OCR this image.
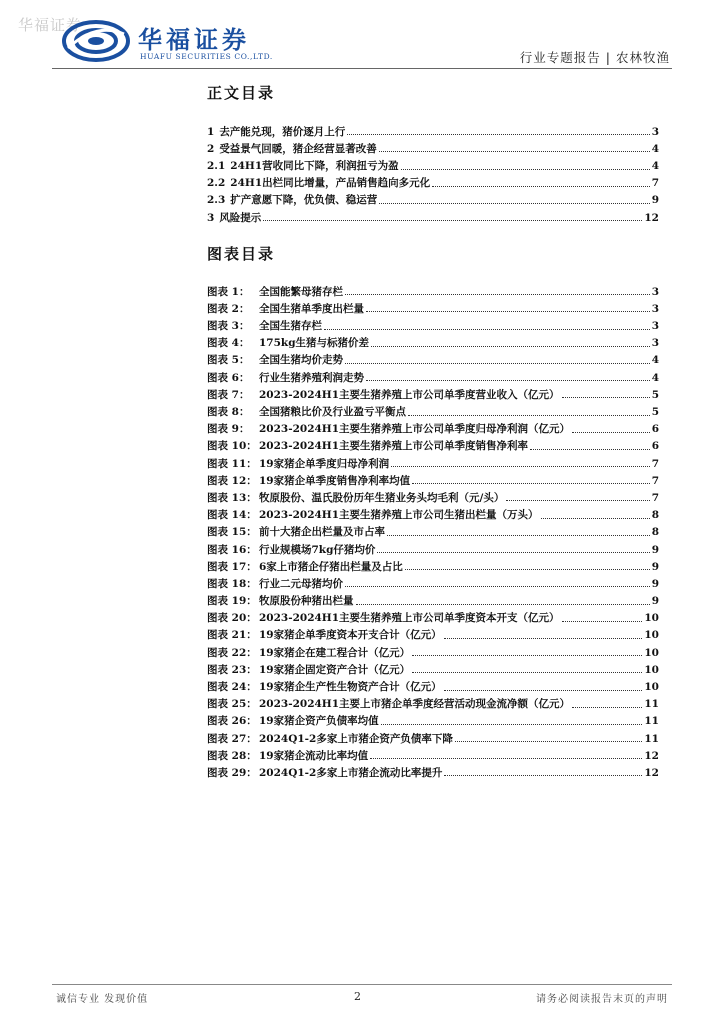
华福证券
华福证券
HUAFU SECURITIES CO.,LTD.	行业专题报告 | 农林牧渔
正文目录
1 去产能兑现，猪价逐月上行	3
2 受益景气回暖，猪企经营显著改善	4
2.1 24H1营收同比下降，利润扭亏为盈	4
2.2 24H1出栏同比增量，产品销售趋向多元化	7
2.3 扩产意愿下降，优负债、稳运营	9
3 风险提示	12
图表目录
图表 1： 全国能繁母猪存栏	3
图表 2： 全国生猪单季度出栏量	3
图表 3： 全国生猪存栏	3
图表 4： 175kg生猪与标猪价差	3
图表 5： 全国生猪均价走势	4
图表 6： 行业生猪养殖利润走势	4
图表 7： 2023-2024H1主要生猪养殖上市公司单季度营业收入（亿元）	5
图表 8： 全国猪粮比价及行业盈亏平衡点	5
图表 9： 2023-2024H1主要生猪养殖上市公司单季度归母净利润（亿元）	6
图表 10： 2023-2024H1主要生猪养殖上市公司单季度销售净利率	6
图表 11： 19家猪企单季度归母净利润	7
图表 12： 19家猪企单季度销售净利率均值	7
图表 13： 牧原股份、温氏股份历年生猪业务头均毛利（元/头）	7
图表 14： 2023-2024H1主要生猪养殖上市公司生猪出栏量（万头）	8
图表 15： 前十大猪企出栏量及市占率	8
图表 16： 行业规模场7kg仔猪均价	9
图表 17： 6家上市猪企仔猪出栏量及占比	9
图表 18： 行业二元母猪均价	9
图表 19： 牧原股份种猪出栏量	9
图表 20： 2023-2024H1主要生猪养殖上市公司单季度资本开支（亿元）	10
图表 21： 19家猪企单季度资本开支合计（亿元）	10
图表 22： 19家猪企在建工程合计（亿元）	10
图表 23： 19家猪企固定资产合计（亿元）	10
图表 24： 19家猪企生产性生物资产合计（亿元）	10
图表 25： 2023-2024H1主要上市猪企单季度经营活动现金流净额（亿元）	11
图表 26： 19家猪企资产负债率均值	11
图表 27： 2024Q1-2多家上市猪企资产负债率下降	11
图表 28： 19家猪企流动比率均值	12
图表 29： 2024Q1-2多家上市猪企流动比率提升	12
诚信专业 发现价值	2	请务必阅读报告末页的声明
